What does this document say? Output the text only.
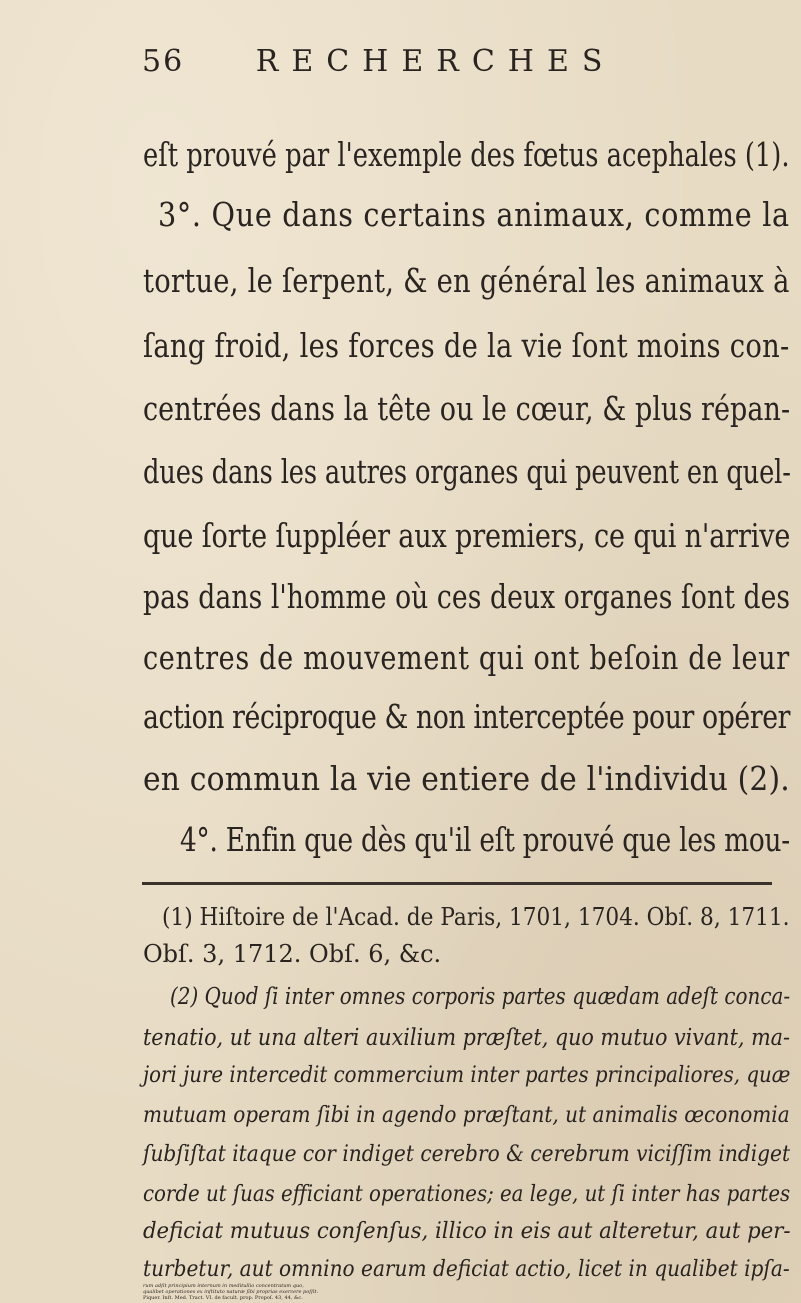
56 RECHERCHES
eſt prouvé par l'exemple des fœtus acephales (1).
3°. Que dans certains animaux, comme la
tortue, le ſerpent, & en général les animaux à
ſang froid, les forces de la vie ſont moins con-
centrées dans la tête ou le cœur, & plus répan-
dues dans les autres organes qui peuvent en quel-
que ſorte ſuppléer aux premiers, ce qui n'arrive
pas dans l'homme où ces deux organes ſont des
centres de mouvement qui ont beſoin de leur
action réciproque & non interceptée pour opérer
en commun la vie entiere de l'individu (2).
4°. Enfin que dès qu'il eſt prouvé que les mou-
(1) Hiſtoire de l'Acad. de Paris, 1701, 1704. Obſ. 8, 1711.
Obſ. 3, 1712. Obſ. 6, &c.
(2) Quod ſi inter omnes corporis partes quædam adeſt conca-
tenatio, ut una alteri auxilium præſtet, quo mutuo vivant, ma-
jori jure intercedit commercium inter partes principaliores, quæ
mutuam operam ſibi in agendo præſtant, ut animalis œconomia
ſubſiſtat itaque cor indiget cerebro & cerebrum viciſſim indiget
corde ut ſuas efficiant operationes; ea lege, ut ſi inter has partes
deficiat mutuus conſenſus, illico in eis aut alteretur, aut per-
turbetur, aut omnino earum deficiat actio, licet in qualibet ipſa-
rum adſit principium internum in meditullio concentratum quo,
qualibet operationes ex inſtituto naturæ ſibi proprias exercere poſſit.
Piquer. Inſt. Med. Tract. VI. de facult. prop. Propoſ. 43, 44, &c.
